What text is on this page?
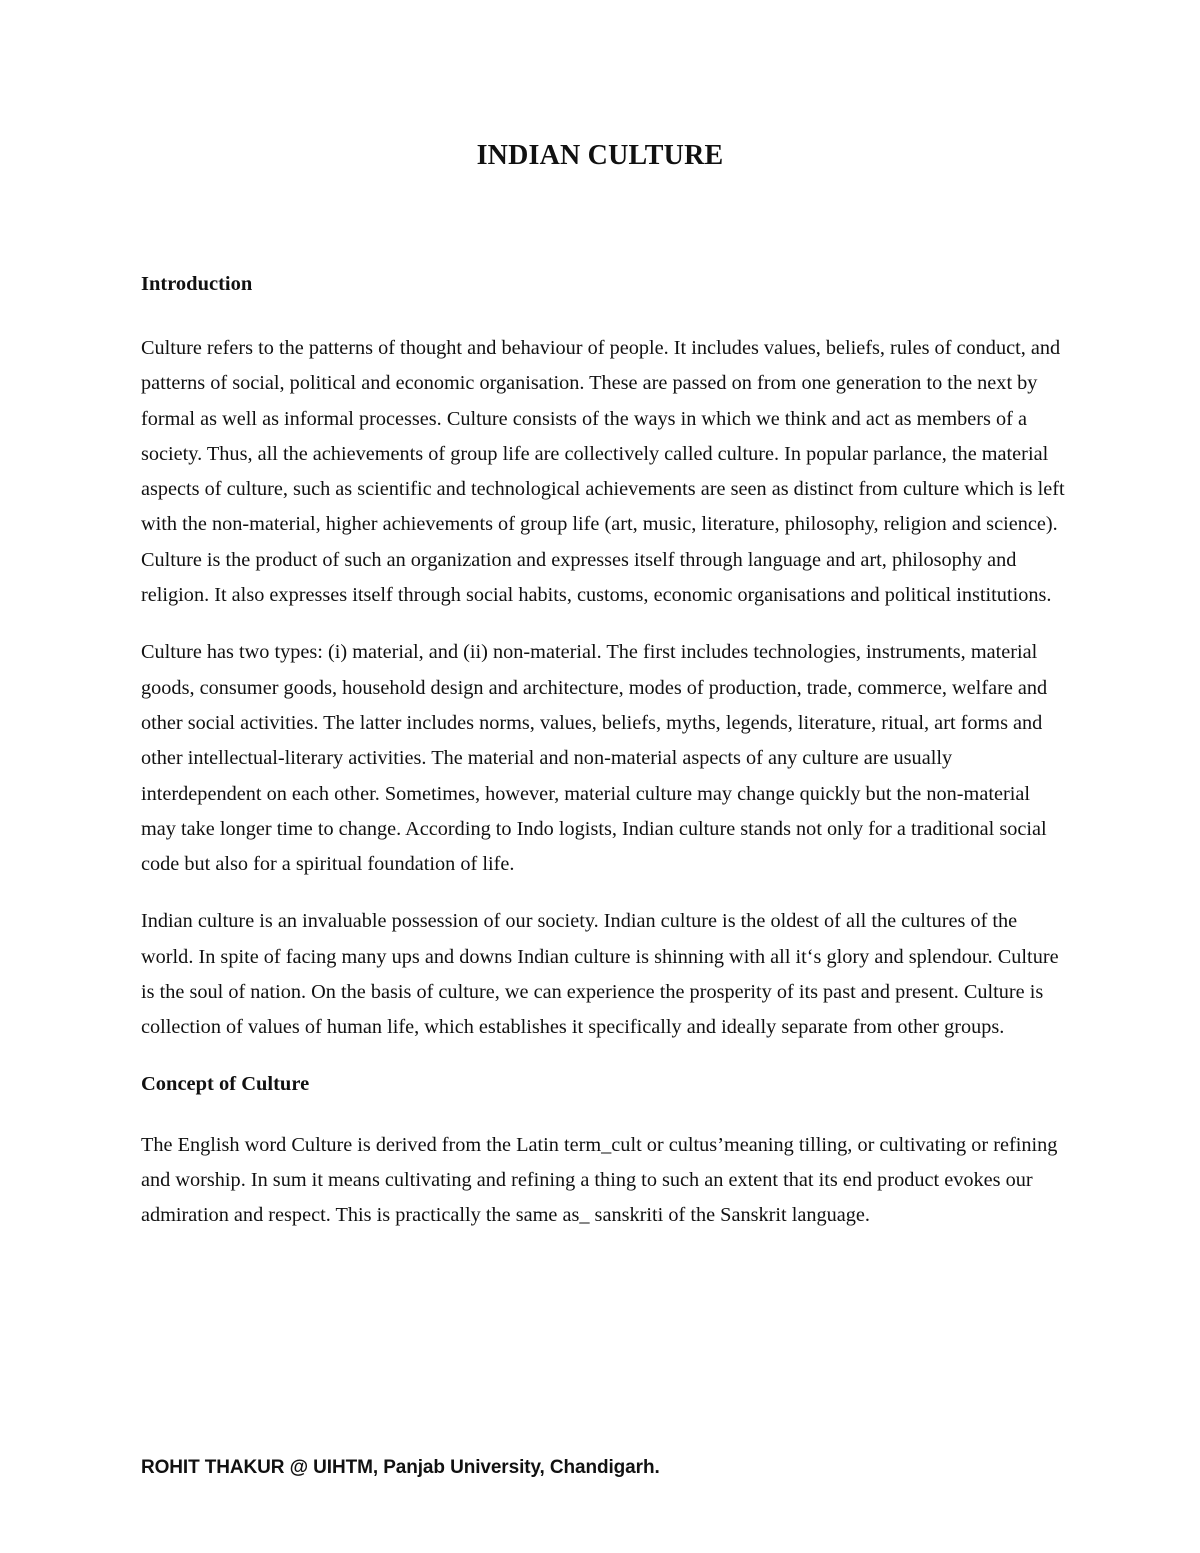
INDIAN CULTURE

Introduction

Culture refers to the patterns of thought and behaviour of people. It includes values, beliefs, rules of conduct, and patterns of social, political and economic organisation. These are passed on from one generation to the next by formal as well as informal processes. Culture consists of the ways in which we think and act as members of a society. Thus, all the achievements of group life are collectively called culture. In popular parlance, the material aspects of culture, such as scientific and technological achievements are seen as distinct from culture which is left with the non-material, higher achievements of group life (art, music, literature, philosophy, religion and science). Culture is the product of such an organization and expresses itself through language and art, philosophy and religion. It also expresses itself through social habits, customs, economic organisations and political institutions.

Culture has two types: (i) material, and (ii) non-material. The first includes technologies, instruments, material goods, consumer goods, household design and architecture, modes of production, trade, commerce, welfare and other social activities. The latter includes norms, values, beliefs, myths, legends, literature, ritual, art forms and other intellectual-literary activities. The material and non-material aspects of any culture are usually interdependent on each other. Sometimes, however, material culture may change quickly but the non-material may take longer time to change. According to Indo logists, Indian culture stands not only for a traditional social code but also for a spiritual foundation of life.

Indian culture is an invaluable possession of our society. Indian culture is the oldest of all the cultures of the world. In spite of facing many ups and downs Indian culture is shinning with all it‘s glory and splendour. Culture is the soul of nation. On the basis of culture, we can experience the prosperity of its past and present. Culture is collection of values of human life, which establishes it specifically and ideally separate from other groups.

Concept of Culture

The English word Culture is derived from the Latin term_cult or cultus’meaning tilling, or cultivating or refining and worship. In sum it means cultivating and refining a thing to such an extent that its end product evokes our admiration and respect. This is practically the same as_ sanskriti of the Sanskrit language.

ROHIT THAKUR @ UIHTM, Panjab University, Chandigarh.
